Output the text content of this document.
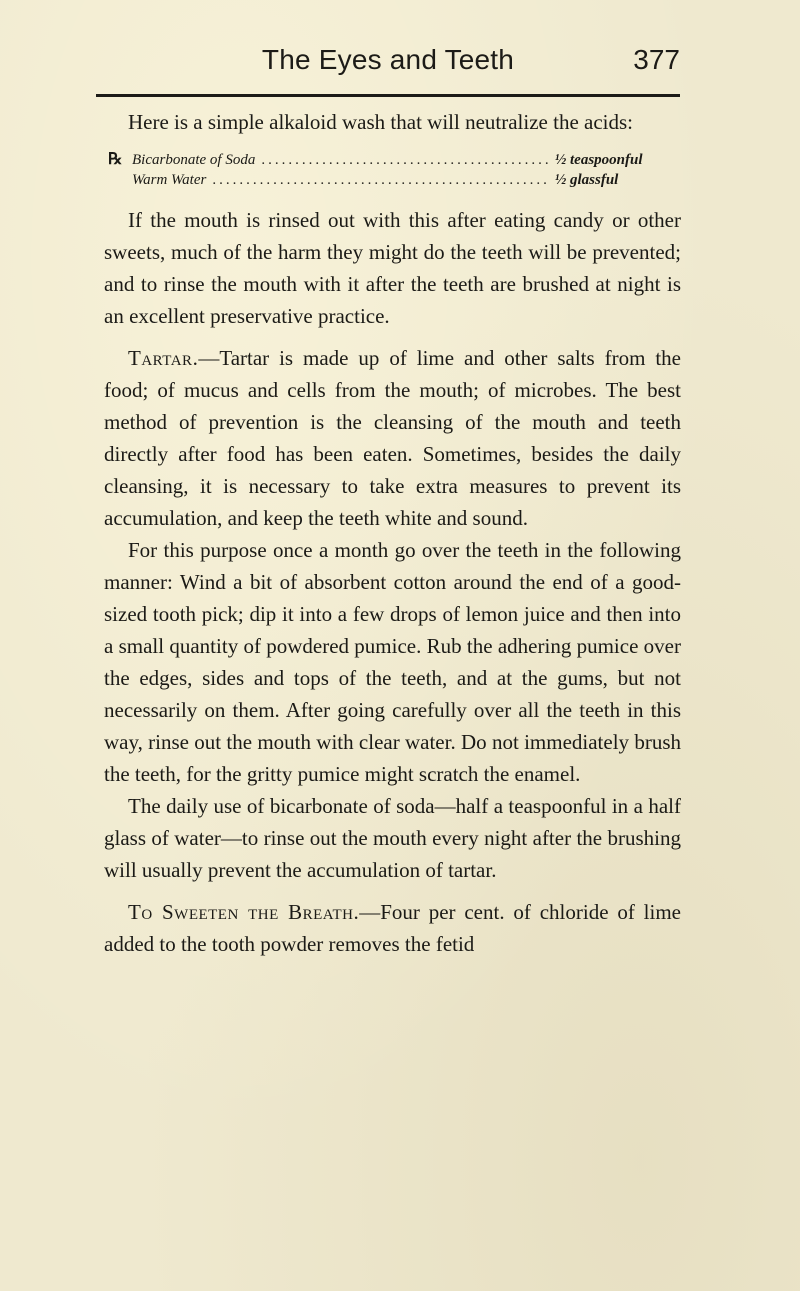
The Eyes and Teeth	377

Here is a simple alkaloid wash that will neutralize the acids:

℞ Bicarbonate of Soda .....	½ teaspoonful
Warm Water .....	½ glassful

If the mouth is rinsed out with this after eating candy or other sweets, much of the harm they might do the teeth will be prevented; and to rinse the mouth with it after the teeth are brushed at night is an excellent preservative practice.

Tartar.—Tartar is made up of lime and other salts from the food; of mucus and cells from the mouth; of microbes. The best method of prevention is the cleansing of the mouth and teeth directly after food has been eaten. Sometimes, besides the daily cleansing, it is necessary to take extra measures to prevent its accumulation, and keep the teeth white and sound.

For this purpose once a month go over the teeth in the following manner: Wind a bit of absorbent cotton around the end of a good-sized tooth pick; dip it into a few drops of lemon juice and then into a small quantity of powdered pumice. Rub the adhering pumice over the edges, sides and tops of the teeth, and at the gums, but not necessarily on them. After going carefully over all the teeth in this way, rinse out the mouth with clear water. Do not immediately brush the teeth, for the gritty pumice might scratch the enamel.

The daily use of bicarbonate of soda—half a teaspoonful in a half glass of water—to rinse out the mouth every night after the brushing will usually prevent the accumulation of tartar.

To Sweeten the Breath.—Four per cent. of chloride of lime added to the tooth powder removes the fetid
